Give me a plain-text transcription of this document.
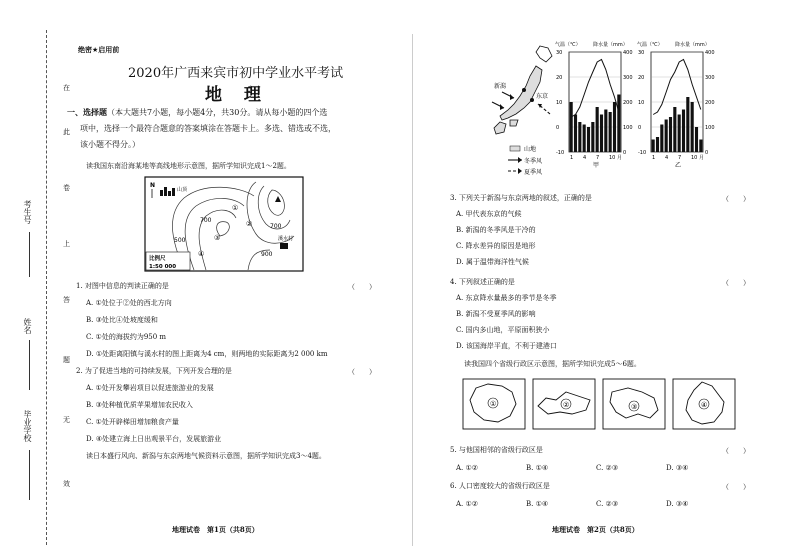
考生号
姓名
毕业学校
在
此
卷
上
答
题
无
效
绝密★启用前
2020年广西来宾市初中学业水平考试
地 理
一、选择题（本大题共7小题，每小题4分，共30分。请从每小题的四个选
项中，选择一个最符合题意的答案填涂在答题卡上。多选、错选或不选，
该小题不得分。）
读我国东南沿海某地等高线地形示意图，据所学知识完成1～2题。
500
700
700
900
①
②
③
④
N
山顶
溪水村
比例尺
1:50 000
1. 对图中信息的判读正确的是	（　　）
A. ①处位于②处的西北方向
B. ③处比④处坡度缓和
C. ①处的海拔约为950 m
D. ①处距离阳镇与溪水村的图上距离为4 cm，则两地的实际距离为2 000 km
2. 为了促进当地的可持续发展，下列开发合理的是	（　　）
A. ①处开发攀岩项目以促进旅游业的发展
B. ③处种植优质苹果增加农民收入
C. ①处开辟梯田增加粮食产量
D. ④处建立海上日出观景平台，发展旅游业
读日本盛行风向、新潟与东京两地气候资料示意图，据所学知识完成3～4题。
地理试卷　第1页（共8页）
新潟
东京
山地
冬季风
夏季风
气温（℃） 降水量（mm）
30	400
20	300
10	200
0	100
-10	0
1 4 7 10 月
甲
气温（℃） 降水量（mm）
30	400
20	300
10	200
0	100
-10	0
1 4 7 10 月
乙
3. 下列关于新潟与东京两地的叙述，正确的是	（　　）
A. 甲代表东京的气候
B. 新潟的冬季风是干冷的
C. 降水差异的原因是地形
D. 属于温带海洋性气候
4. 下列叙述正确的是	（　　）
A. 东京降水量最多的季节是冬季
B. 新潟不受夏季风的影响
C. 国内多山地，平原面积狭小
D. 该国海岸平直，不利于建港口
读我国四个省级行政区示意图，据所学知识完成5～6题。
①	②	③	④
5. 与他国相邻的省级行政区是	（　　）
A. ①②	B. ①④	C. ②③	D. ③④
6. 人口密度较大的省级行政区是	（　　）
A. ①②	B. ①④	C. ②③	D. ③④
地理试卷　第2页（共8页）
